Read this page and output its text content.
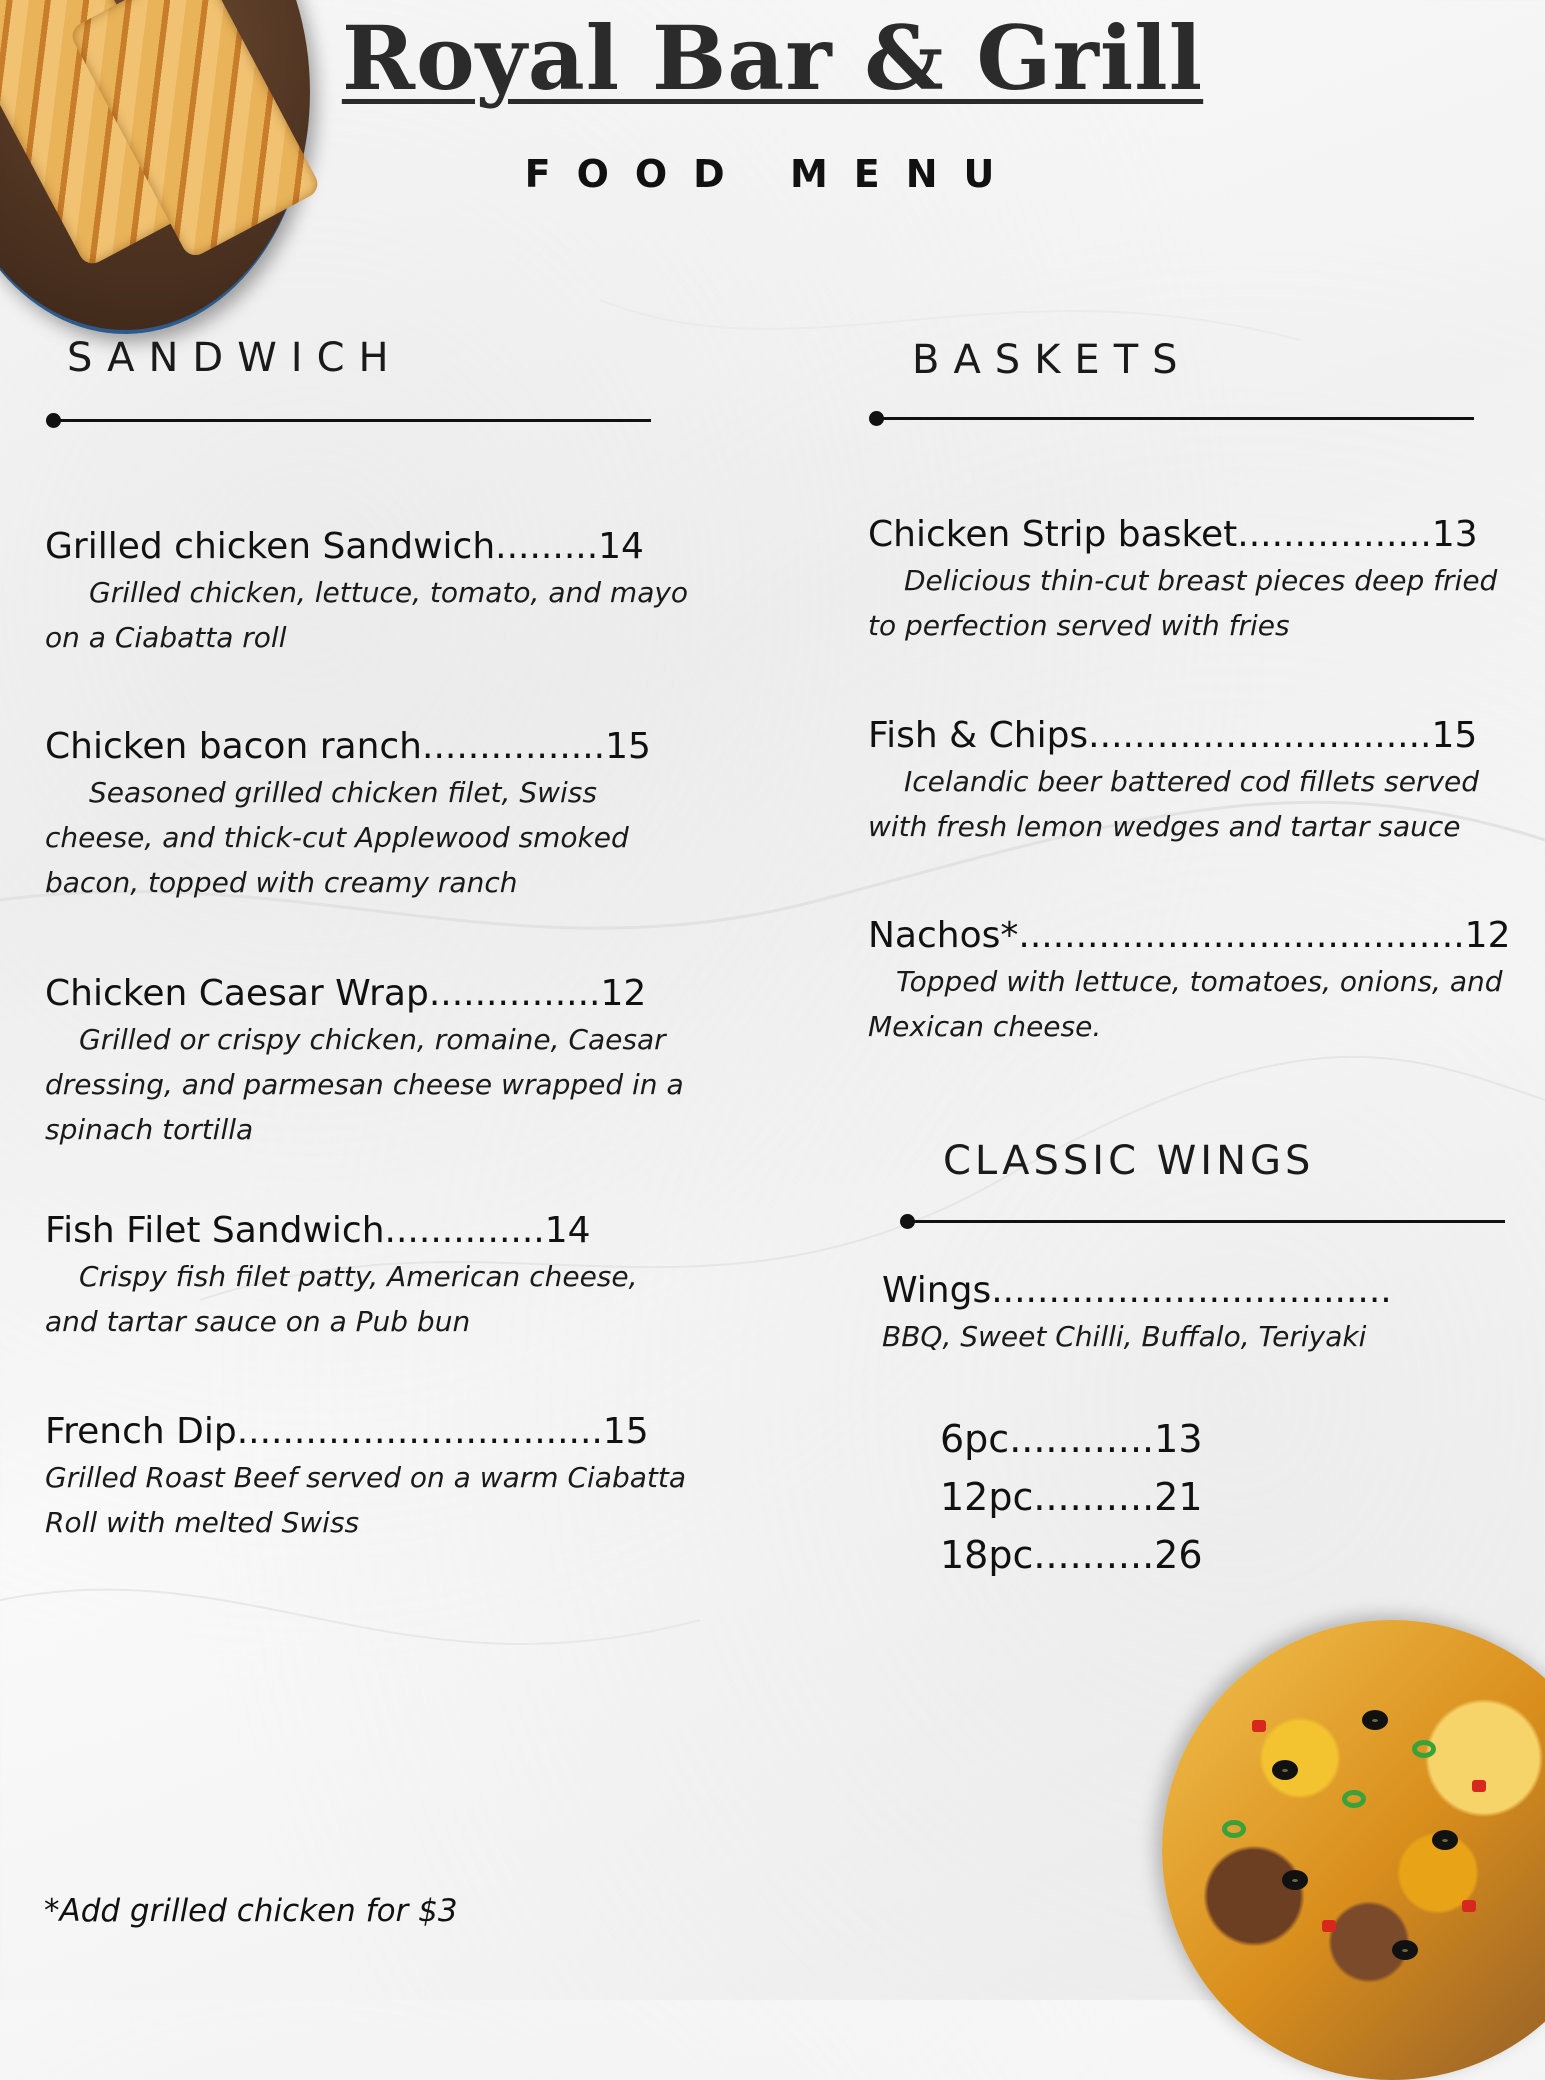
Royal Bar & Grill
FOOD MENU
SANDWICH
Grilled chicken Sandwich.........14
Grilled chicken, lettuce, tomato, and mayo on a Ciabatta roll
Chicken bacon ranch................15
Seasoned grilled chicken filet, Swiss cheese, and thick-cut Applewood smoked bacon, topped with creamy ranch
Chicken Caesar Wrap...............12
Grilled or crispy chicken, romaine, Caesar dressing, and parmesan cheese wrapped in a spinach tortilla
Fish Filet Sandwich..............14
Crispy fish filet patty, American cheese, and tartar sauce on a Pub bun
French Dip................................15
Grilled Roast Beef served on a warm Ciabatta Roll with melted Swiss
BASKETS
Chicken Strip basket.................13
Delicious thin-cut breast pieces deep fried to perfection served with fries
Fish & Chips..............................15
Icelandic beer battered cod fillets served with fresh lemon wedges and tartar sauce
Nachos*.......................................12
Topped with lettuce, tomatoes, onions, and Mexican cheese.
CLASSIC WINGS
Wings...................................
BBQ, Sweet Chilli, Buffalo, Teriyaki
6pc............13
12pc..........21
18pc..........26
*Add grilled chicken for $3
